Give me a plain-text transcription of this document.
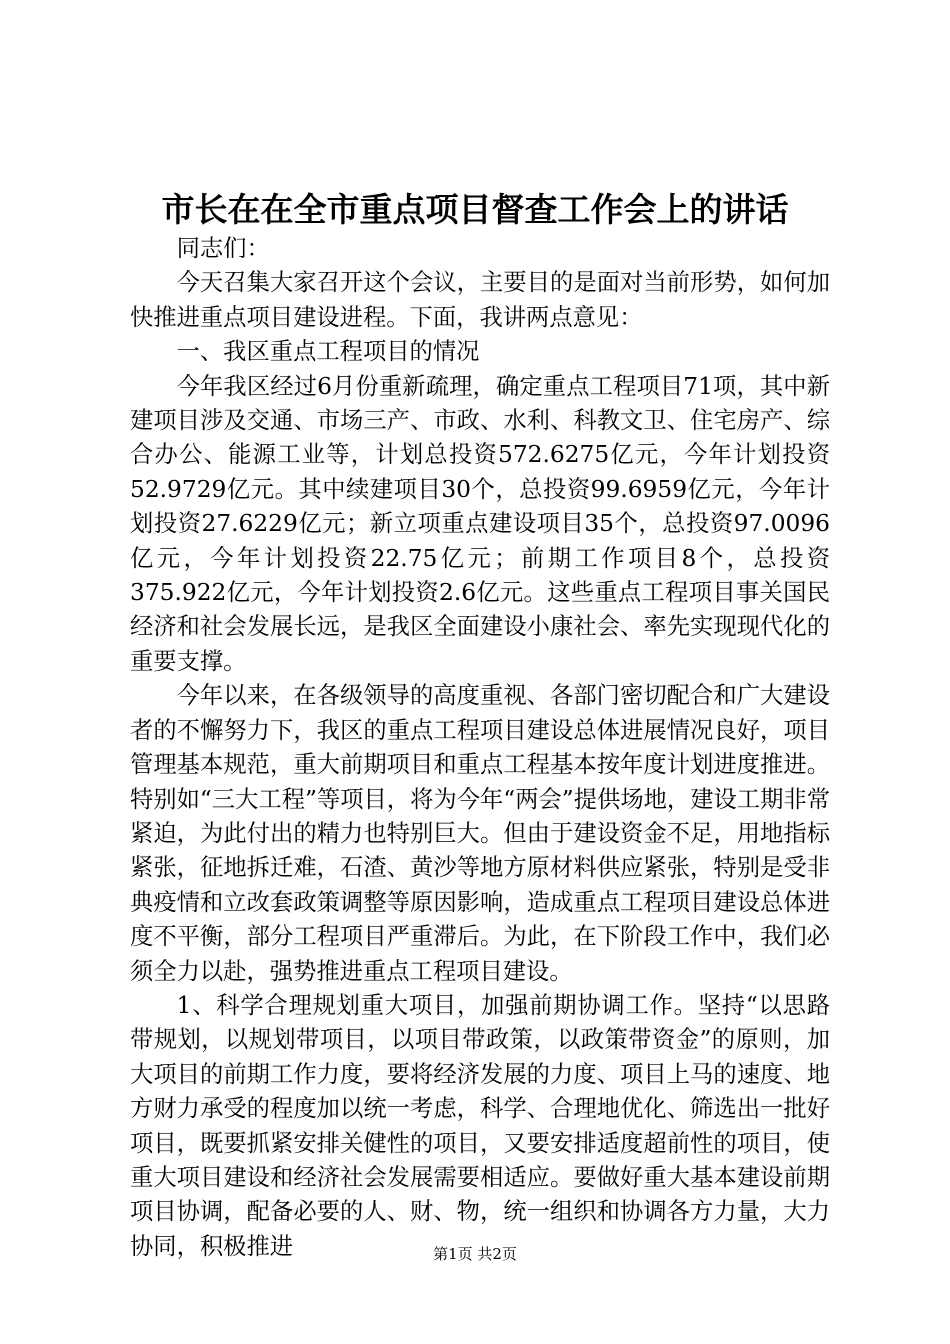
市长在在全市重点项目督查工作会上的讲话

同志们：

今天召集大家召开这个会议，主要目的是面对当前形势，如何加快推进重点项目建设进程。下面，我讲两点意见：

一、我区重点工程项目的情况

今年我区经过6月份重新疏理，确定重点工程项目71项，其中新建项目涉及交通、市场三产、市政、水利、科教文卫、住宅房产、综合办公、能源工业等，计划总投资572.6275亿元，今年计划投资52.9729亿元。其中续建项目30个，总投资99.6959亿元，今年计划投资27.6229亿元；新立项重点建设项目35个，总投资97.0096亿元，今年计划投资22.75亿元；前期工作项目8个，总投资375.922亿元，今年计划投资2.6亿元。这些重点工程项目事关国民经济和社会发展长远，是我区全面建设小康社会、率先实现现代化的重要支撑。

今年以来，在各级领导的高度重视、各部门密切配合和广大建设者的不懈努力下，我区的重点工程项目建设总体进展情况良好，项目管理基本规范，重大前期项目和重点工程基本按年度计划进度推进。特别如“三大工程”等项目，将为今年“两会”提供场地，建设工期非常紧迫，为此付出的精力也特别巨大。但由于建设资金不足，用地指标紧张，征地拆迁难，石渣、黄沙等地方原材料供应紧张，特别是受非典疫情和立改套政策调整等原因影响，造成重点工程项目建设总体进度不平衡，部分工程项目严重滞后。为此，在下阶段工作中，我们必须全力以赴，强势推进重点工程项目建设。

1、科学合理规划重大项目，加强前期协调工作。坚持“以思路带规划，以规划带项目，以项目带政策，以政策带资金”的原则，加大项目的前期工作力度，要将经济发展的力度、项目上马的速度、地方财力承受的程度加以统一考虑，科学、合理地优化、筛选出一批好项目，既要抓紧安排关健性的项目，又要安排适度超前性的项目，使重大项目建设和经济社会发展需要相适应。要做好重大基本建设前期项目协调，配备必要的人、财、物，统一组织和协调各方力量，大力协同，积极推进	第1页 共2页
